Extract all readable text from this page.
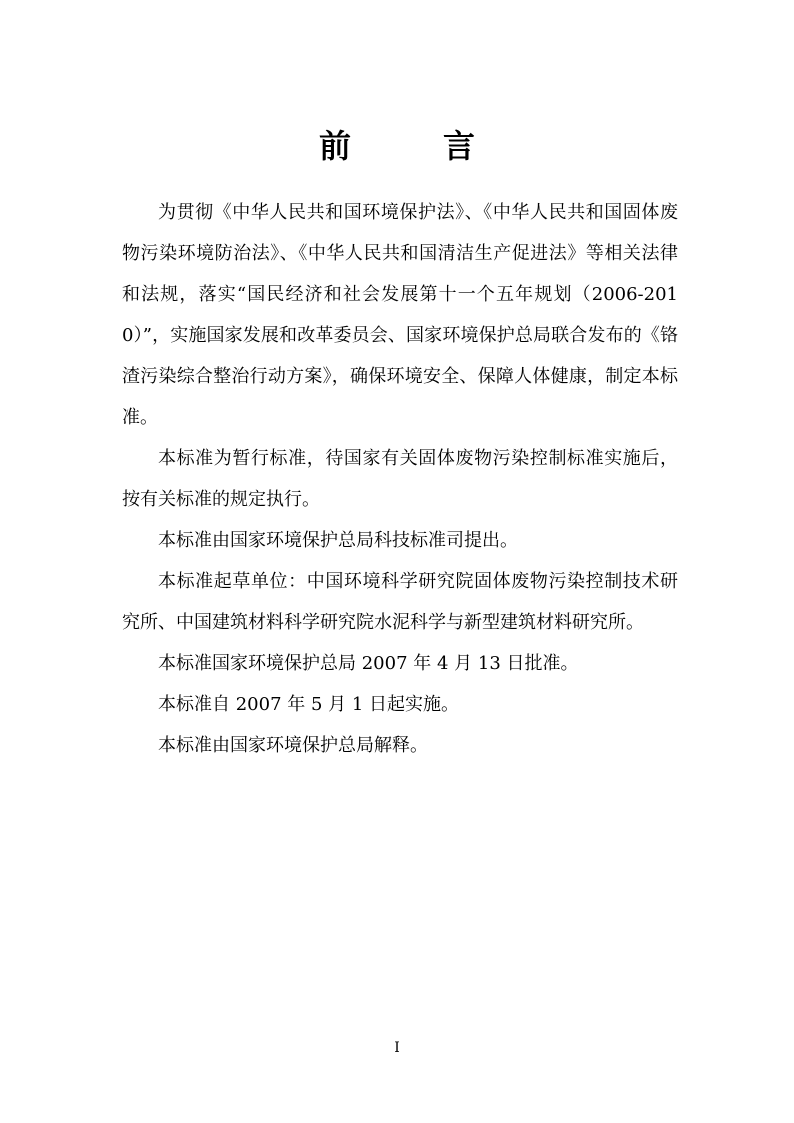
前　言

为贯彻《中华人民共和国环境保护法》、《中华人民共和国固体废物污染环境防治法》、《中华人民共和国清洁生产促进法》等相关法律和法规，落实“国民经济和社会发展第十一个五年规划（2006-2010）”，实施国家发展和改革委员会、国家环境保护总局联合发布的《铬渣污染综合整治行动方案》，确保环境安全、保障人体健康，制定本标准。

本标准为暂行标准，待国家有关固体废物污染控制标准实施后，按有关标准的规定执行。

本标准由国家环境保护总局科技标准司提出。

本标准起草单位：中国环境科学研究院固体废物污染控制技术研究所、中国建筑材料科学研究院水泥科学与新型建筑材料研究所。

本标准国家环境保护总局 2007 年 4 月 13 日批准。

本标准自 2007 年 5 月 1 日起实施。

本标准由国家环境保护总局解释。

I
